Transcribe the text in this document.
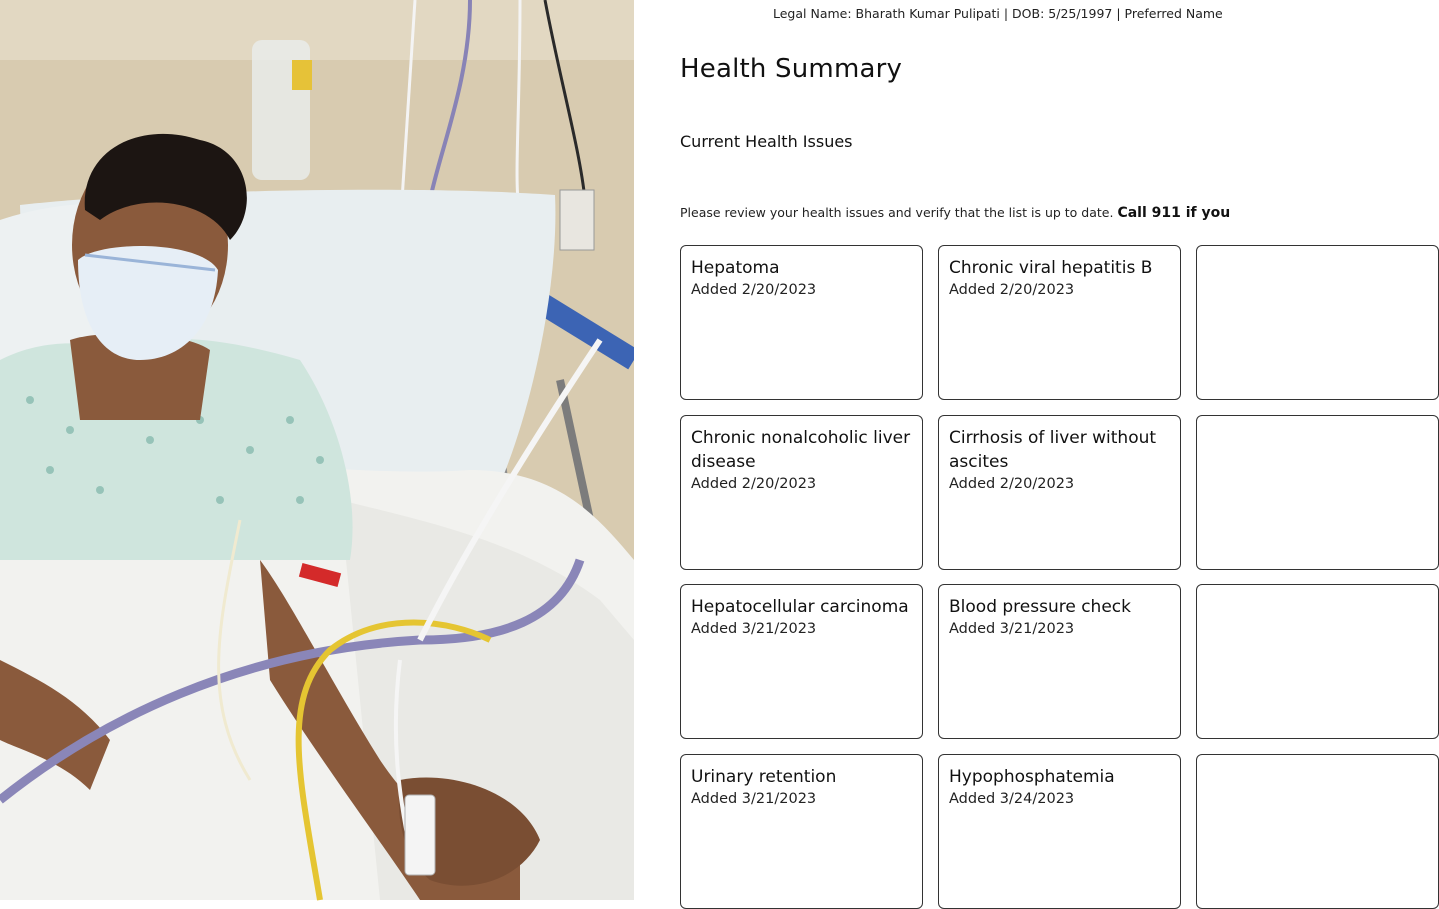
Legal Name: Bharath Kumar Pulipati | DOB: 5/25/1997 | Preferred Name
Health Summary
Current Health Issues
Please review your health issues and verify that the list is up to date. Call 911 if you
Hepatoma
Added 2/20/2023
Chronic viral hepatitis B
Added 2/20/2023
Chronic nonalcoholic liver disease
Added 2/20/2023
Cirrhosis of liver without ascites
Added 2/20/2023
Hepatocellular carcinoma
Added 3/21/2023
Blood pressure check
Added 3/21/2023
Urinary retention
Added 3/21/2023
Hypophosphatemia
Added 3/24/2023
